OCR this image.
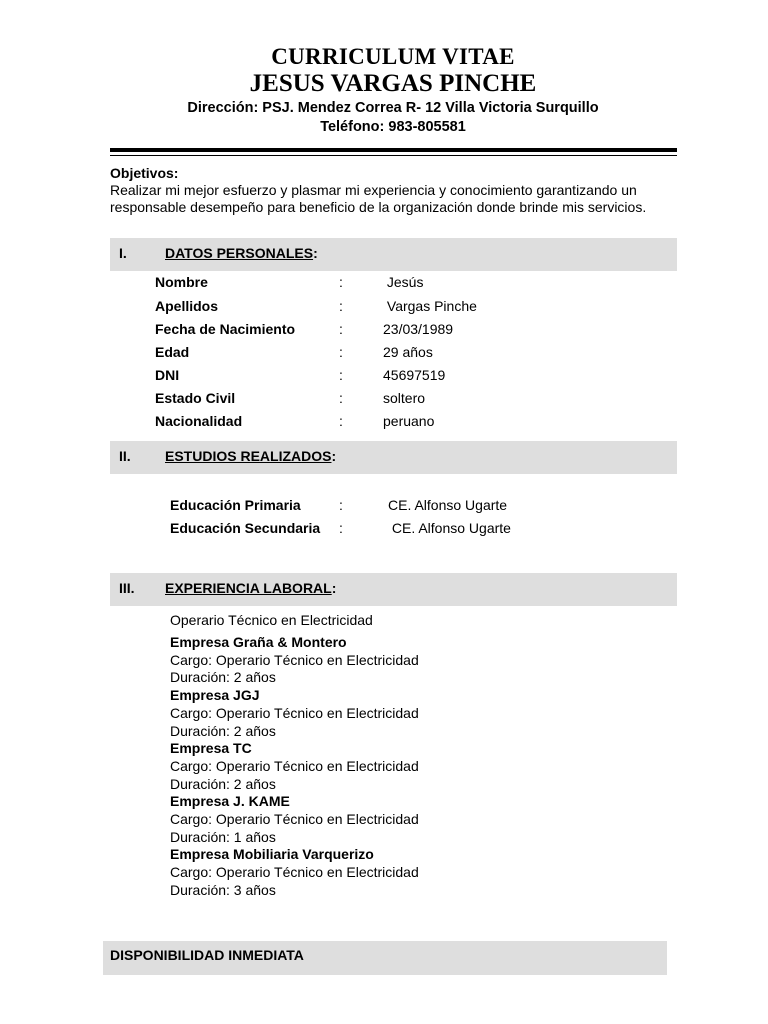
CURRICULUM VITAE
JESUS VARGAS PINCHE
Dirección: PSJ. Mendez Correa R- 12 Villa Victoria Surquillo
Teléfono: 983-805581
Objetivos:
Realizar mi mejor esfuerzo y plasmar mi experiencia y conocimiento garantizando un
responsable desempeño para beneficio de la organización donde brinde mis servicios.
I.	DATOS PERSONALES:
Nombre	:	Jesús
Apellidos	:	Vargas Pinche
Fecha de Nacimiento	:	23/03/1989
Edad	:	29 años
DNI	:	45697519
Estado Civil	:	soltero
Nacionalidad	:	peruano
II. ESTUDIOS REALIZADOS:
Educación Primaria	:	CE. Alfonso Ugarte
Educación Secundaria :	CE. Alfonso Ugarte
III. EXPERIENCIA LABORAL:
Operario Técnico en Electricidad
Empresa Graña & Montero
Cargo: Operario Técnico en Electricidad
Duración: 2 años
Empresa JGJ
Cargo: Operario Técnico en Electricidad
Duración: 2 años
Empresa TC
Cargo: Operario Técnico en Electricidad
Duración: 2 años
Empresa J. KAME
Cargo: Operario Técnico en Electricidad
Duración: 1 años
Empresa Mobiliaria Varquerizo
Cargo: Operario Técnico en Electricidad
Duración: 3 años
DISPONIBILIDAD INMEDIATA
